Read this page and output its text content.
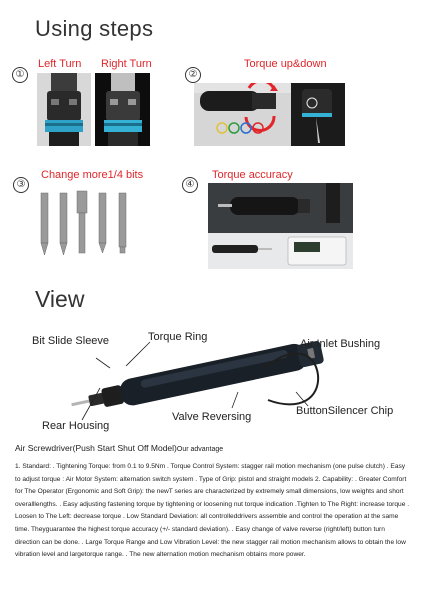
Using steps
①
Left Turn Right Turn
②
Torque up&down
③
Change more1/4 bits
④
Torque accuracy
View
Bit Slide Sleeve	Torque Ring
Air Inlet Bushing
Rear Housing
Valve Reversing	ButtonSilencer Chip
Air Screwdriver(Push Start Shut Off Model)Our advantage
1. Standard: . Tightening Torque: from 0.1 to 9.5Nm . Torque Control System: stagger rail motion mechanism (one pulse clutch) . Easy to adjust torque : Air Motor System: alternation switch system . Type of Grip: pistol and straight models 2. Capability: . Greater Comfort for The Operator (Ergonomic and Soft Grip): the newT series are characterized by extremely small dimensions, low weights and short overalllengths. . Easy adjusting fastening torque by tightening or loosening nut torque indication .Tighten to The Right: increase torque . Loosen to The Left: decrease torque . Low Standard Deviation: all controlleddrivers assemble and control the operation at the same time. Theyguarantee the highest torque accuracy (+/- standard deviation). . Easy change of valve reverse (right/left) button turn direction can be done. . Large Torque Range and Low Vibration Level: the new stagger rail motion mechanism allows to obtain the low vibration level and largetorque range. . The new alternation motion mechanism obtains more power.
